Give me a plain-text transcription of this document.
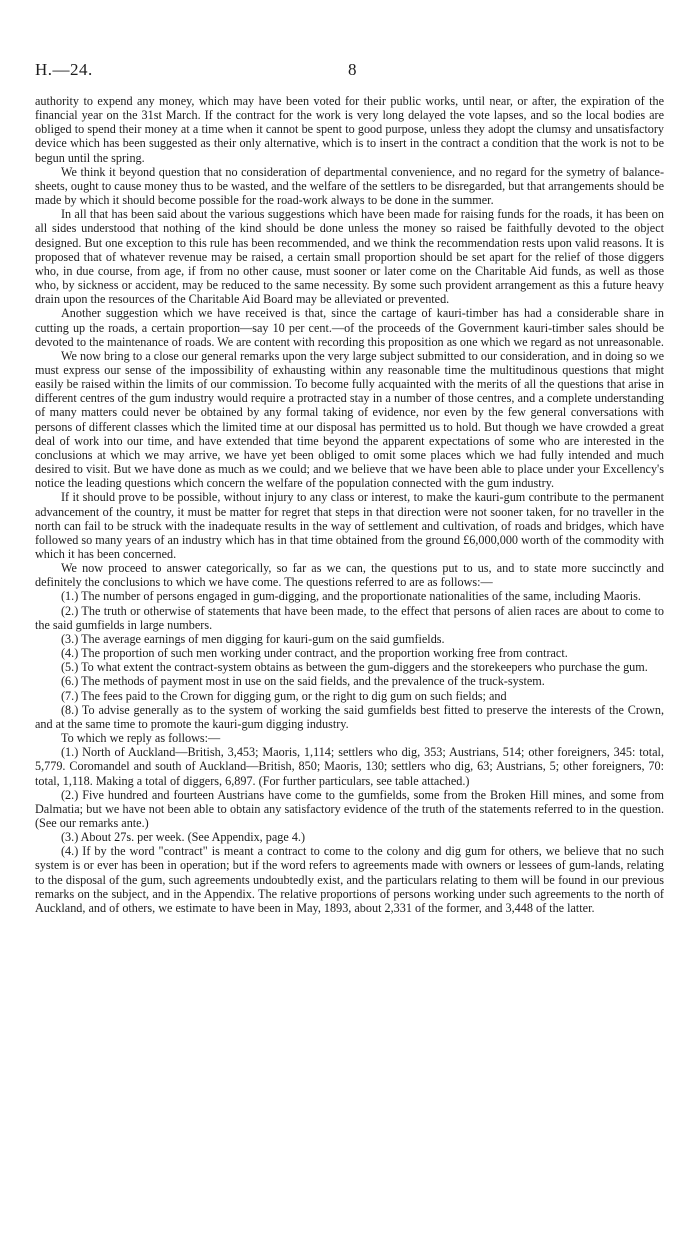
H.—24.	8

authority to expend any money, which may have been voted for their public works, until near, or after, the expiration of the financial year on the 31st March. If the contract for the work is very long delayed the vote lapses, and so the local bodies are obliged to spend their money at a time when it cannot be spent to good purpose, unless they adopt the clumsy and unsatisfactory device which has been suggested as their only alternative, which is to insert in the contract a condition that the work is not to be begun until the spring.

We think it beyond question that no consideration of departmental convenience, and no regard for the symetry of balance-sheets, ought to cause money thus to be wasted, and the welfare of the settlers to be disregarded, but that arrangements should be made by which it should become possible for the road-work always to be done in the summer.

In all that has been said about the various suggestions which have been made for raising funds for the roads, it has been on all sides understood that nothing of the kind should be done unless the money so raised be faithfully devoted to the object designed. But one exception to this rule has been recommended, and we think the recommendation rests upon valid reasons. It is proposed that of whatever revenue may be raised, a certain small proportion should be set apart for the relief of those diggers who, in due course, from age, if from no other cause, must sooner or later come on the Charitable Aid funds, as well as those who, by sickness or accident, may be reduced to the same necessity. By some such provident arrangement as this a future heavy drain upon the resources of the Charitable Aid Board may be alleviated or prevented.

Another suggestion which we have received is that, since the cartage of kauri-timber has had a considerable share in cutting up the roads, a certain proportion—say 10 per cent.—of the proceeds of the Government kauri-timber sales should be devoted to the maintenance of roads. We are content with recording this proposition as one which we regard as not unreasonable.

We now bring to a close our general remarks upon the very large subject submitted to our consideration, and in doing so we must express our sense of the impossibility of exhausting within any reasonable time the multitudinous questions that might easily be raised within the limits of our commission. To become fully acquainted with the merits of all the questions that arise in different centres of the gum industry would require a protracted stay in a number of those centres, and a complete understanding of many matters could never be obtained by any formal taking of evidence, nor even by the few general conversations with persons of different classes which the limited time at our disposal has permitted us to hold. But though we have crowded a great deal of work into our time, and have extended that time beyond the apparent expectations of some who are interested in the conclusions at which we may arrive, we have yet been obliged to omit some places which we had fully intended and much desired to visit. But we have done as much as we could; and we believe that we have been able to place under your Excellency's notice the leading questions which concern the welfare of the population connected with the gum industry.

If it should prove to be possible, without injury to any class or interest, to make the kauri-gum contribute to the permanent advancement of the country, it must be matter for regret that steps in that direction were not sooner taken, for no traveller in the north can fail to be struck with the inadequate results in the way of settlement and cultivation, of roads and bridges, which have followed so many years of an industry which has in that time obtained from the ground £6,000,000 worth of the commodity with which it has been concerned.

We now proceed to answer categorically, so far as we can, the questions put to us, and to state more succinctly and definitely the conclusions to which we have come. The questions referred to are as follows:—

(1.) The number of persons engaged in gum-digging, and the proportionate nationalities of the same, including Maoris.

(2.) The truth or otherwise of statements that have been made, to the effect that persons of alien races are about to come to the said gumfields in large numbers.

(3.) The average earnings of men digging for kauri-gum on the said gumfields.

(4.) The proportion of such men working under contract, and the proportion working free from contract.

(5.) To what extent the contract-system obtains as between the gum-diggers and the storekeepers who purchase the gum.

(6.) The methods of payment most in use on the said fields, and the prevalence of the truck-system.

(7.) The fees paid to the Crown for digging gum, or the right to dig gum on such fields; and

(8.) To advise generally as to the system of working the said gumfields best fitted to preserve the interests of the Crown, and at the same time to promote the kauri-gum digging industry.

To which we reply as follows:—

(1.) North of Auckland—British, 3,453; Maoris, 1,114; settlers who dig, 353; Austrians, 514; other foreigners, 345: total, 5,779. Coromandel and south of Auckland—British, 850; Maoris, 130; settlers who dig, 63; Austrians, 5; other foreigners, 70: total, 1,118. Making a total of diggers, 6,897. (For further particulars, see table attached.)

(2.) Five hundred and fourteen Austrians have come to the gumfields, some from the Broken Hill mines, and some from Dalmatia; but we have not been able to obtain any satisfactory evidence of the truth of the statements referred to in the question. (See our remarks ante.)

(3.) About 27s. per week. (See Appendix, page 4.)

(4.) If by the word "contract" is meant a contract to come to the colony and dig gum for others, we believe that no such system is or ever has been in operation; but if the word refers to agreements made with owners or lessees of gum-lands, relating to the disposal of the gum, such agreements undoubtedly exist, and the particulars relating to them will be found in our previous remarks on the subject, and in the Appendix. The relative proportions of persons working under such agreements to the north of Auckland, and of others, we estimate to have been in May, 1893, about 2,331 of the former, and 3,448 of the latter.
